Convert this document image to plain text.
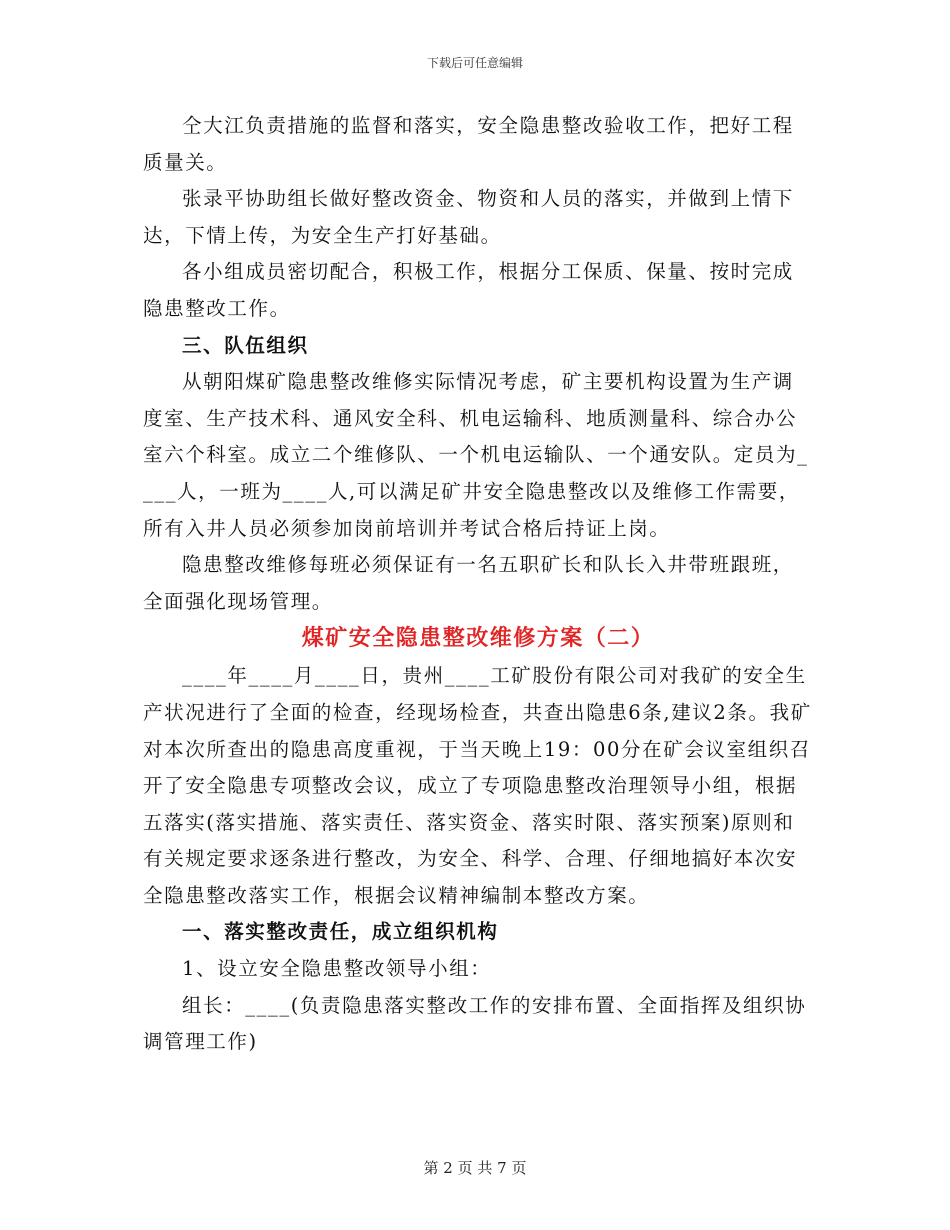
下载后可任意编辑

仝大江负责措施的监督和落实，安全隐患整改验收工作，把好工程质量关。

张录平协助组长做好整改资金、物资和人员的落实，并做到上情下达，下情上传，为安全生产打好基础。

各小组成员密切配合，积极工作，根据分工保质、保量、按时完成隐患整改工作。

三、队伍组织

从朝阳煤矿隐患整改维修实际情况考虑，矿主要机构设置为生产调度室、生产技术科、通风安全科、机电运输科、地质测量科、综合办公室六个科室。成立二个维修队、一个机电运输队、一个通安队。定员为____人，一班为____人,可以满足矿井安全隐患整改以及维修工作需要，所有入井人员必须参加岗前培训并考试合格后持证上岗。

隐患整改维修每班必须保证有一名五职矿长和队长入井带班跟班，全面强化现场管理。

煤矿安全隐患整改维修方案（二）

____年____月____日，贵州____工矿股份有限公司对我矿的安全生产状况进行了全面的检查，经现场检查，共查出隐患6条,建议2条。我矿对本次所查出的隐患高度重视，于当天晚上19：00分在矿会议室组织召开了安全隐患专项整改会议，成立了专项隐患整改治理领导小组，根据五落实(落实措施、落实责任、落实资金、落实时限、落实预案)原则和有关规定要求逐条进行整改，为安全、科学、合理、仔细地搞好本次安全隐患整改落实工作，根据会议精神编制本整改方案。

一、落实整改责任，成立组织机构

1、设立安全隐患整改领导小组：

组长：____(负责隐患落实整改工作的安排布置、全面指挥及组织协调管理工作)

第 2 页 共 7 页
